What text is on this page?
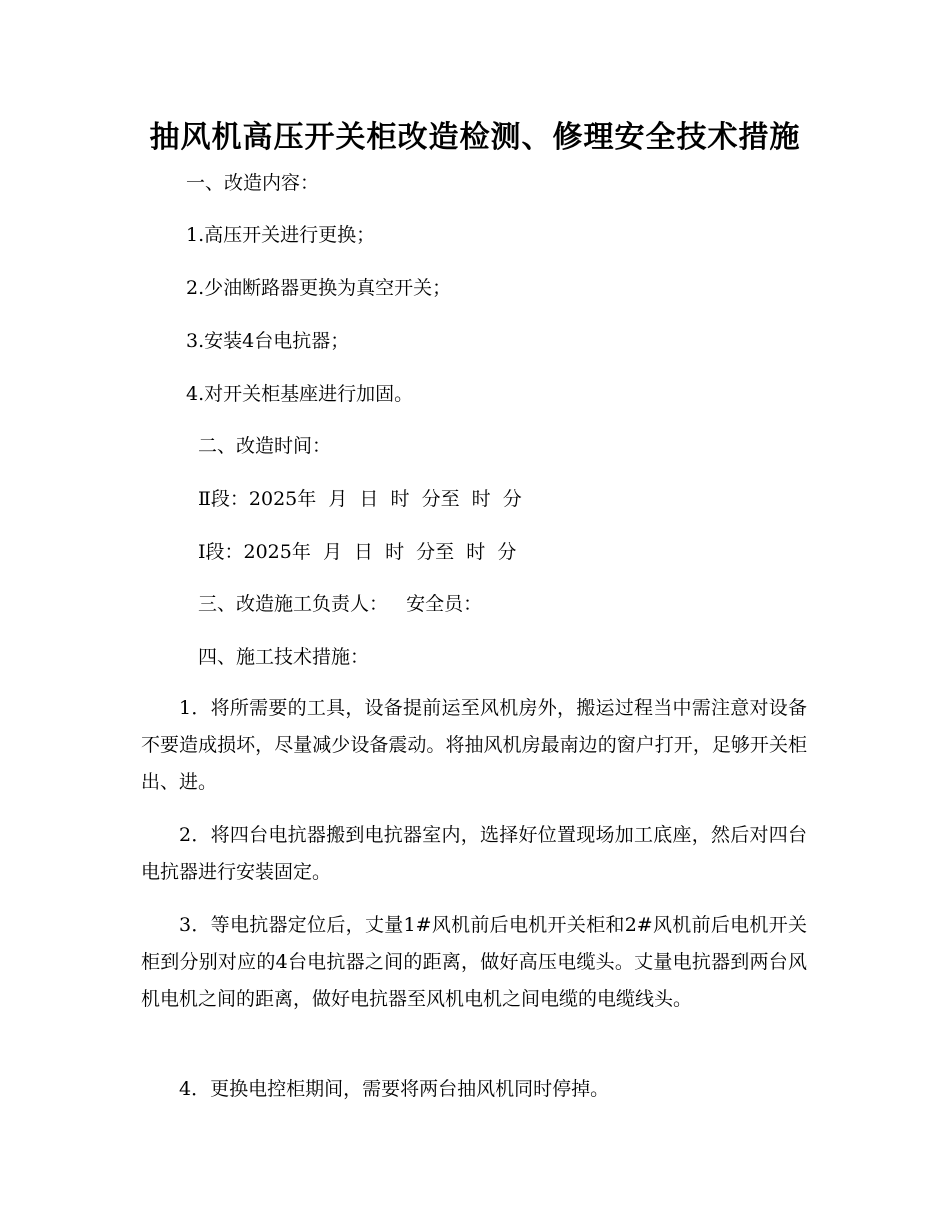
抽风机高压开关柜改造检测、修理安全技术措施
一、改造内容：
1.高压开关进行更换；
2.少油断路器更换为真空开关；
3.安装4台电抗器；
4.对开关柜基座进行加固。
二、改造时间：
Ⅱ段：2025年  月  日  时  分至  时  分
Ⅰ段：2025年  月  日  时  分至  时  分
三、改造施工负责人：   安全员：
四、施工技术措施：
1．将所需要的工具，设备提前运至风机房外，搬运过程当中需注意对设备不要造成损坏，尽量减少设备震动。将抽风机房最南边的窗户打开，足够开关柜出、进。
2．将四台电抗器搬到电抗器室内，选择好位置现场加工底座，然后对四台电抗器进行安装固定。
3．等电抗器定位后，丈量1#风机前后电机开关柜和2#风机前后电机开关柜到分别对应的4台电抗器之间的距离，做好高压电缆头。丈量电抗器到两台风机电机之间的距离，做好电抗器至风机电机之间电缆的电缆线头。
4．更换电控柜期间，需要将两台抽风机同时停掉。
